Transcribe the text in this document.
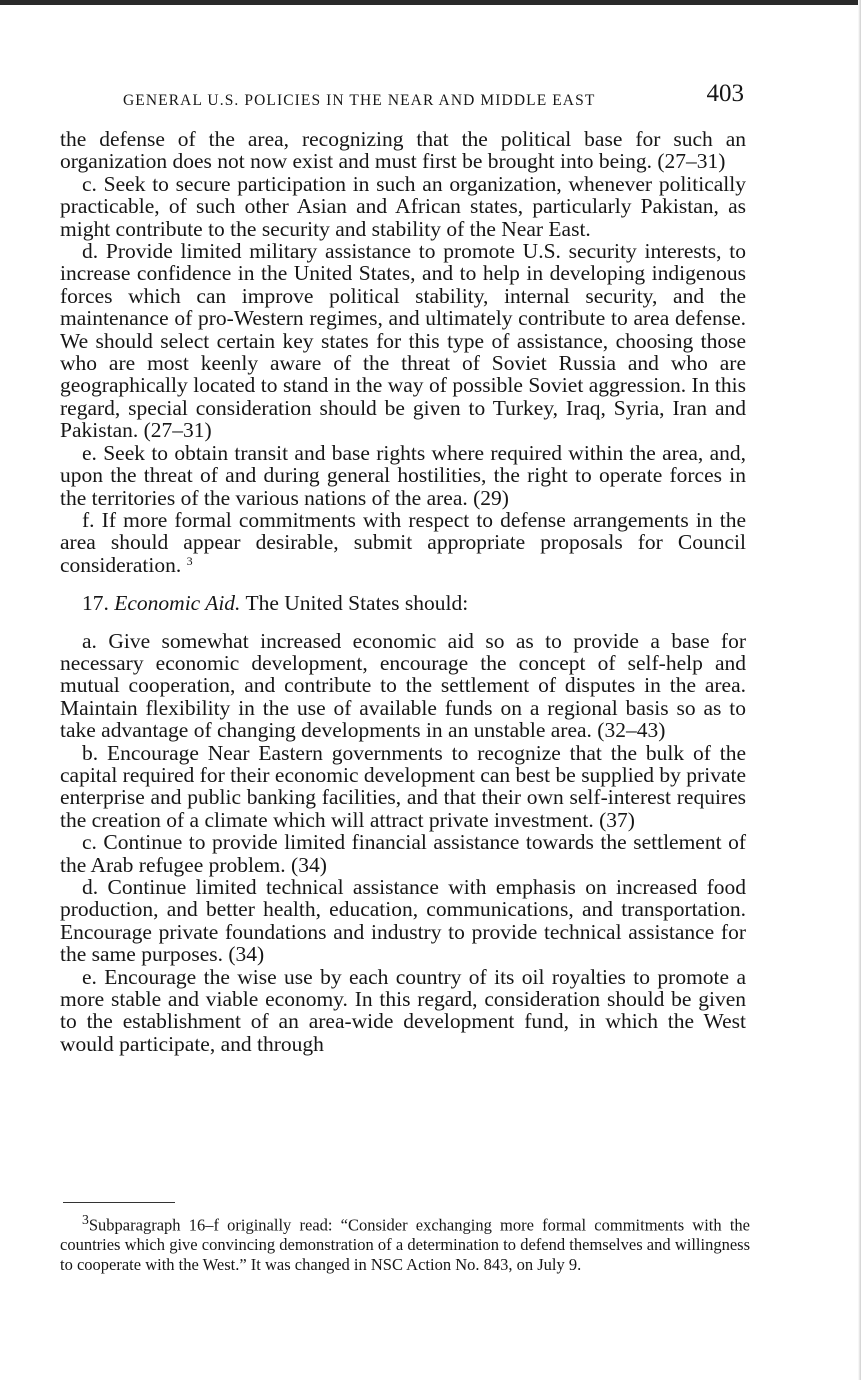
GENERAL U.S. POLICIES IN THE NEAR AND MIDDLE EAST	403

the defense of the area, recognizing that the political base for such an organization does not now exist and must first be brought into being. (27–31)

c. Seek to secure participation in such an organization, whenever politically practicable, of such other Asian and African states, particularly Pakistan, as might contribute to the security and stability of the Near East.

d. Provide limited military assistance to promote U.S. security interests, to increase confidence in the United States, and to help in developing indigenous forces which can improve political stability, internal security, and the maintenance of pro-Western regimes, and ultimately contribute to area defense. We should select certain key states for this type of assistance, choosing those who are most keenly aware of the threat of Soviet Russia and who are geographically located to stand in the way of possible Soviet aggression. In this regard, special consideration should be given to Turkey, Iraq, Syria, Iran and Pakistan. (27–31)

e. Seek to obtain transit and base rights where required within the area, and, upon the threat of and during general hostilities, the right to operate forces in the territories of the various nations of the area. (29)

f. If more formal commitments with respect to defense arrangements in the area should appear desirable, submit appropriate proposals for Council consideration. $^3$

17. Economic Aid. The United States should:

a. Give somewhat increased economic aid so as to provide a base for necessary economic development, encourage the concept of self-help and mutual cooperation, and contribute to the settlement of disputes in the area. Maintain flexibility in the use of available funds on a regional basis so as to take advantage of changing developments in an unstable area. (32–43)

b. Encourage Near Eastern governments to recognize that the bulk of the capital required for their economic development can best be supplied by private enterprise and public banking facilities, and that their own self-interest requires the creation of a climate which will attract private investment. (37)

c. Continue to provide limited financial assistance towards the settlement of the Arab refugee problem. (34)

d. Continue limited technical assistance with emphasis on increased food production, and better health, education, communications, and transportation. Encourage private foundations and industry to provide technical assistance for the same purposes. (34)

e. Encourage the wise use by each country of its oil royalties to promote a more stable and viable economy. In this regard, consideration should be given to the establishment of an area-wide development fund, in which the West would participate, and through

$^3$Subparagraph 16–f originally read: “Consider exchanging more formal commitments with the countries which give convincing demonstration of a determination to defend themselves and willingness to cooperate with the West.” It was changed in NSC Action No. 843, on July 9.
